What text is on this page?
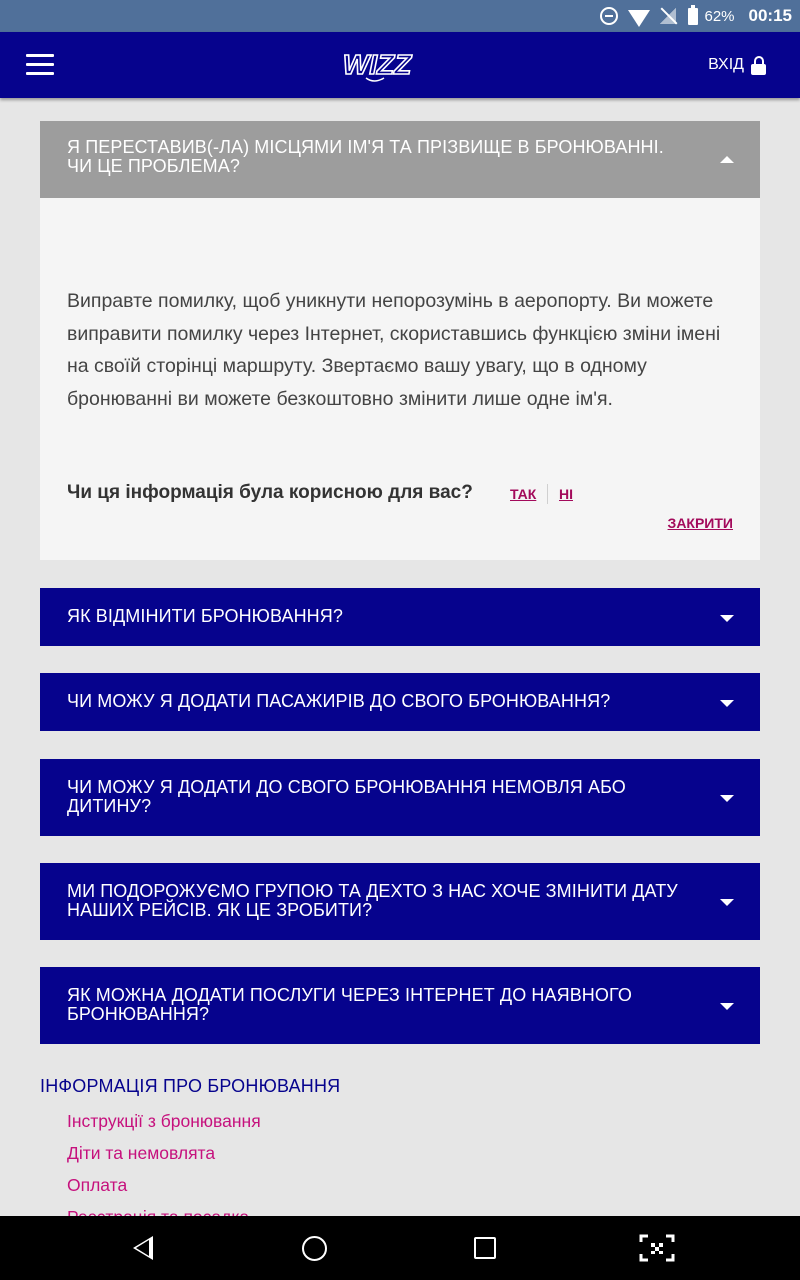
62% 00:15
WIZZ	ВХІД
Я ПЕРЕСТАВИВ(-ЛА) МІСЦЯМИ ІМ'Я ТА ПРІЗВИЩЕ В БРОНЮВАННІ. ЧИ ЦЕ ПРОБЛЕМА?

Виправте помилку, щоб уникнути непорозумінь в аеропорту. Ви можете виправити помилку через Інтернет, скориставшись функцією зміни імені на своїй сторінці маршруту. Звертаємо вашу увагу, що в одному бронюванні ви можете безкоштовно змінити лише одне ім'я.

Чи ця інформація була корисною для вас?	ТАК НІ
ЗАКРИТИ
ЯК ВІДМІНИТИ БРОНЮВАННЯ?
ЧИ МОЖУ Я ДОДАТИ ПАСАЖИРІВ ДО СВОГО БРОНЮВАННЯ?
ЧИ МОЖУ Я ДОДАТИ ДО СВОГО БРОНЮВАННЯ НЕМОВЛЯ АБО ДИТИНУ?
МИ ПОДОРОЖУЄМО ГРУПОЮ ТА ДЕХТО З НАС ХОЧЕ ЗМІНИТИ ДАТУ НАШИХ РЕЙСІВ. ЯК ЦЕ ЗРОБИТИ?
ЯК МОЖНА ДОДАТИ ПОСЛУГИ ЧЕРЕЗ ІНТЕРНЕТ ДО НАЯВНОГО БРОНЮВАННЯ?
ІНФОРМАЦІЯ ПРО БРОНЮВАННЯ
Інструкції з бронювання
Діти та немовлята
Оплата
